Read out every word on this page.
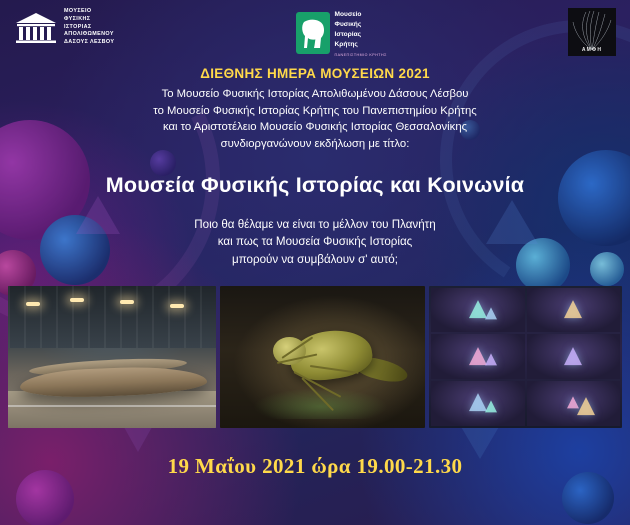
ΜΟΥΣΕΙΟ
ΦΥΣΙΚΗΣ
ΙΣΤΟΡΙΑΣ
ΑΠΟΛΙΘΩΜΕΝΟΥ
ΔΑΣΟΥΣ ΛΕΣΒΟΥ
Μουσείο
Φυσικής
Ιστορίας
Κρήτης
ΠΑΝΕΠΙΣΤΗΜΙΟ ΚΡΗΤΗΣ
ΑΜΦΗ
ΔΙΕΘΝΗΣ ΗΜΕΡΑ ΜΟΥΣΕΙΩΝ 2021
Το Μουσείο Φυσικής Ιστορίας Απολιθωμένου Δάσους Λέσβου
το Μουσείο Φυσικής Ιστορίας Κρήτης του Πανεπιστημίου Κρήτης
και το Αριστοτέλειο Μουσείο Φυσικής Ιστορίας Θεσσαλονίκης
συνδιοργανώνουν εκδήλωση με τίτλο:
Μουσεία Φυσικής Ιστορίας και Κοινωνία
Ποιο θα θέλαμε να είναι το μέλλον του Πλανήτη
και πως τα Μουσεία Φυσικής Ιστορίας
μπορούν να συμβάλουν σ' αυτό;
19 Μαΐου 2021 ώρα 19.00-21.30
